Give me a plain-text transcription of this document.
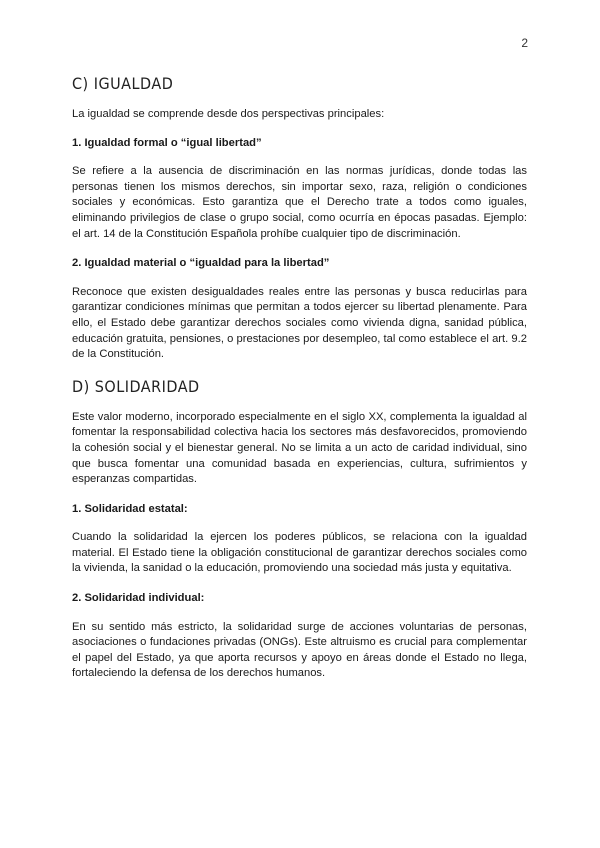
2
C) IGUALDAD

La igualdad se comprende desde dos perspectivas principales:

1. Igualdad formal o “igual libertad”

Se refiere a la ausencia de discriminación en las normas jurídicas, donde todas las personas tienen los mismos derechos, sin importar sexo, raza, religión o condiciones sociales y económicas. Esto garantiza que el Derecho trate a todos como iguales, eliminando privilegios de clase o grupo social, como ocurría en épocas pasadas. Ejemplo: el art. 14 de la Constitución Española prohíbe cualquier tipo de discriminación.

2. Igualdad material o “igualdad para la libertad”

Reconoce que existen desigualdades reales entre las personas y busca reducirlas para garantizar condiciones mínimas que permitan a todos ejercer su libertad plenamente. Para ello, el Estado debe garantizar derechos sociales como vivienda digna, sanidad pública, educación gratuita, pensiones, o prestaciones por desempleo, tal como establece el art. 9.2 de la Constitución.

D) SOLIDARIDAD

Este valor moderno, incorporado especialmente en el siglo XX, complementa la igualdad al fomentar la responsabilidad colectiva hacia los sectores más desfavorecidos, promoviendo la cohesión social y el bienestar general. No se limita a un acto de caridad individual, sino que busca fomentar una comunidad basada en experiencias, cultura, sufrimientos y esperanzas compartidas.

1. Solidaridad estatal:

Cuando la solidaridad la ejercen los poderes públicos, se relaciona con la igualdad material. El Estado tiene la obligación constitucional de garantizar derechos sociales como la vivienda, la sanidad o la educación, promoviendo una sociedad más justa y equitativa.

2. Solidaridad individual:

En su sentido más estricto, la solidaridad surge de acciones voluntarias de personas, asociaciones o fundaciones privadas (ONGs). Este altruismo es crucial para complementar el papel del Estado, ya que aporta recursos y apoyo en áreas donde el Estado no llega, fortaleciendo la defensa de los derechos humanos.
